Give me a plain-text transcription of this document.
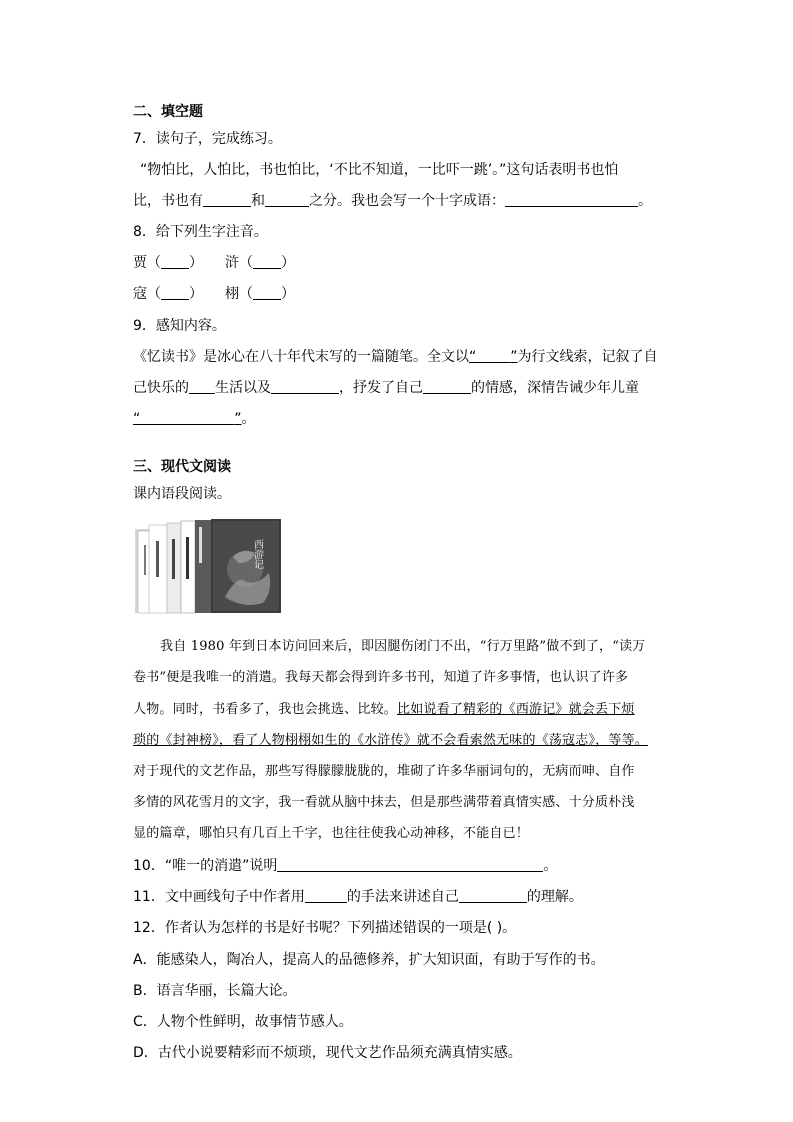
二、填空题
7．读句子，完成练习。
“物怕比，人怕比，书也怕比，‘不比不知道，一比吓一跳’。”这句话表明书也怕
比，书也有	和	之分。我也会写一个十字成语：	。
8．给下列生字注音。
贾（ ） 浒（ ）
寇（ ） 栩（ ）
9．感知内容。
《忆读书》是冰心在八十年代末写的一篇随笔。全文以“ ”为行文线索，记叙了自
己快乐的 生活以及	，抒发了自己	的情感，深情告诫少年儿童
“	”。
三、现代文阅读
课内语段阅读。
西游记
我自 1980 年到日本访问回来后，即因腿伤闭门不出，“行万里路”做不到了，“读万
卷书”便是我唯一的消遣。我每天都会得到许多书刊，知道了许多事情，也认识了许多
人物。同时，书看多了，我也会挑选、比较。比如说看了精彩的《西游记》就会丢下烦
琐的《封神榜》，看了人物栩栩如生的《水浒传》就不会看索然无味的《荡寇志》，等等。
对于现代的文艺作品，那些写得朦朦胧胧的，堆砌了许多华丽词句的，无病而呻、自作
多情的风花雪月的文字，我一看就从脑中抹去，但是那些满带着真情实感、十分质朴浅
显的篇章，哪怕只有几百上千字，也往往使我心动神移，不能自已！
10．“唯一的消遣”说明	。
11．文中画线句子中作者用	的手法来讲述自己	的理解。
12．作者认为怎样的书是好书呢？下列描述错误的一项是( )。
A．能感染人，陶冶人，提高人的品德修养，扩大知识面，有助于写作的书。
B．语言华丽，长篇大论。
C．人物个性鲜明，故事情节感人。
D．古代小说要精彩而不烦琐，现代文艺作品须充满真情实感。
